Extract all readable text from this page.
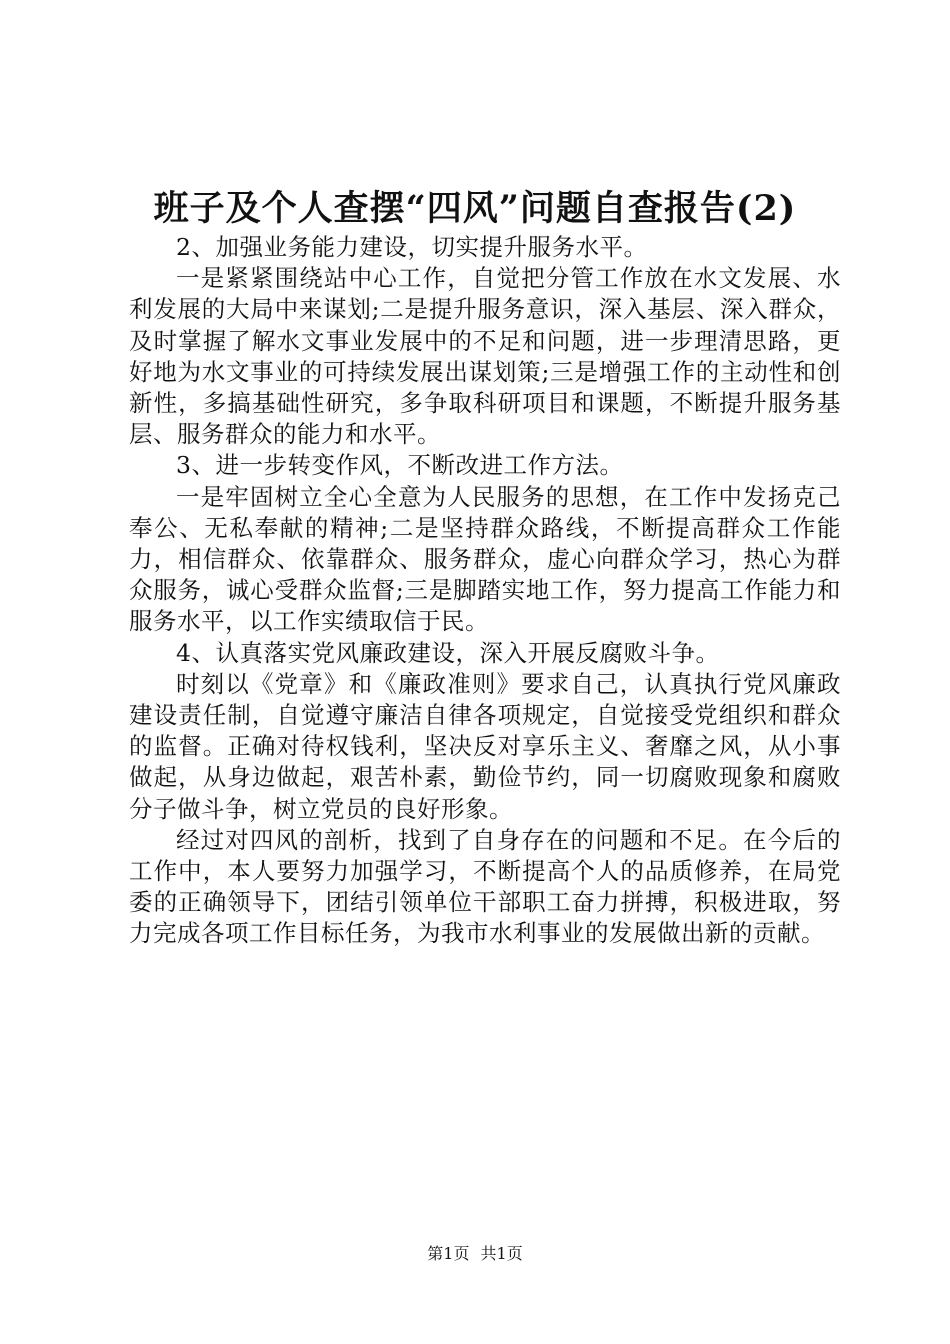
班子及个人查摆“四风”问题自查报告(2)

2、加强业务能力建设，切实提升服务水平。

一是紧紧围绕站中心工作，自觉把分管工作放在水文发展、水利发展的大局中来谋划;二是提升服务意识，深入基层、深入群众，及时掌握了解水文事业发展中的不足和问题，进一步理清思路，更好地为水文事业的可持续发展出谋划策;三是增强工作的主动性和创新性，多搞基础性研究，多争取科研项目和课题，不断提升服务基层、服务群众的能力和水平。

3、进一步转变作风，不断改进工作方法。

一是牢固树立全心全意为人民服务的思想，在工作中发扬克己奉公、无私奉献的精神;二是坚持群众路线，不断提高群众工作能力，相信群众、依靠群众、服务群众，虚心向群众学习，热心为群众服务，诚心受群众监督;三是脚踏实地工作，努力提高工作能力和服务水平，以工作实绩取信于民。

4、认真落实党风廉政建设，深入开展反腐败斗争。

时刻以《党章》和《廉政准则》要求自己，认真执行党风廉政建设责任制，自觉遵守廉洁自律各项规定，自觉接受党组织和群众的监督。正确对待权钱利，坚决反对享乐主义、奢靡之风，从小事做起，从身边做起，艰苦朴素，勤俭节约，同一切腐败现象和腐败分子做斗争，树立党员的良好形象。

经过对四风的剖析，找到了自身存在的问题和不足。在今后的工作中，本人要努力加强学习，不断提高个人的品质修养，在局党委的正确领导下，团结引领单位干部职工奋力拼搏，积极进取，努力完成各项工作目标任务，为我市水利事业的发展做出新的贡献。

第1页 共1页
